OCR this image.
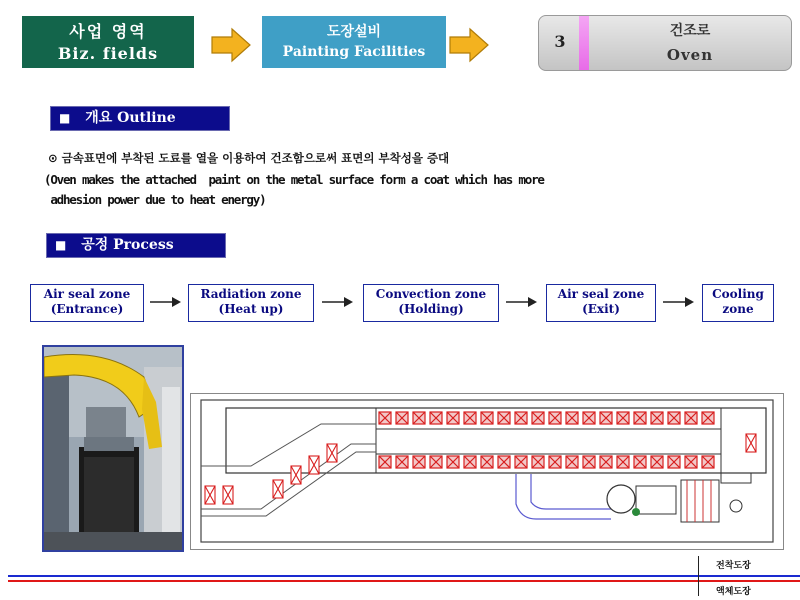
사업 영역
Biz. fields
도장설비
Painting Facilities
3
건조로
Oven
■ 개요 Outline
⊙ 금속표면에 부착된 도료를 열을 이용하여 건조함으로써 표면의 부착성을 증대
(Oven makes the attached  paint on the metal surface form a coat which has more
adhesion power due to heat energy)
■ 공정 Process
Air seal zone
(Entrance)
Radiation zone
(Heat up)
Convection zone
(Holding)
Air seal zone
(Exit)
Cooling
zone
전착도장
액체도장
